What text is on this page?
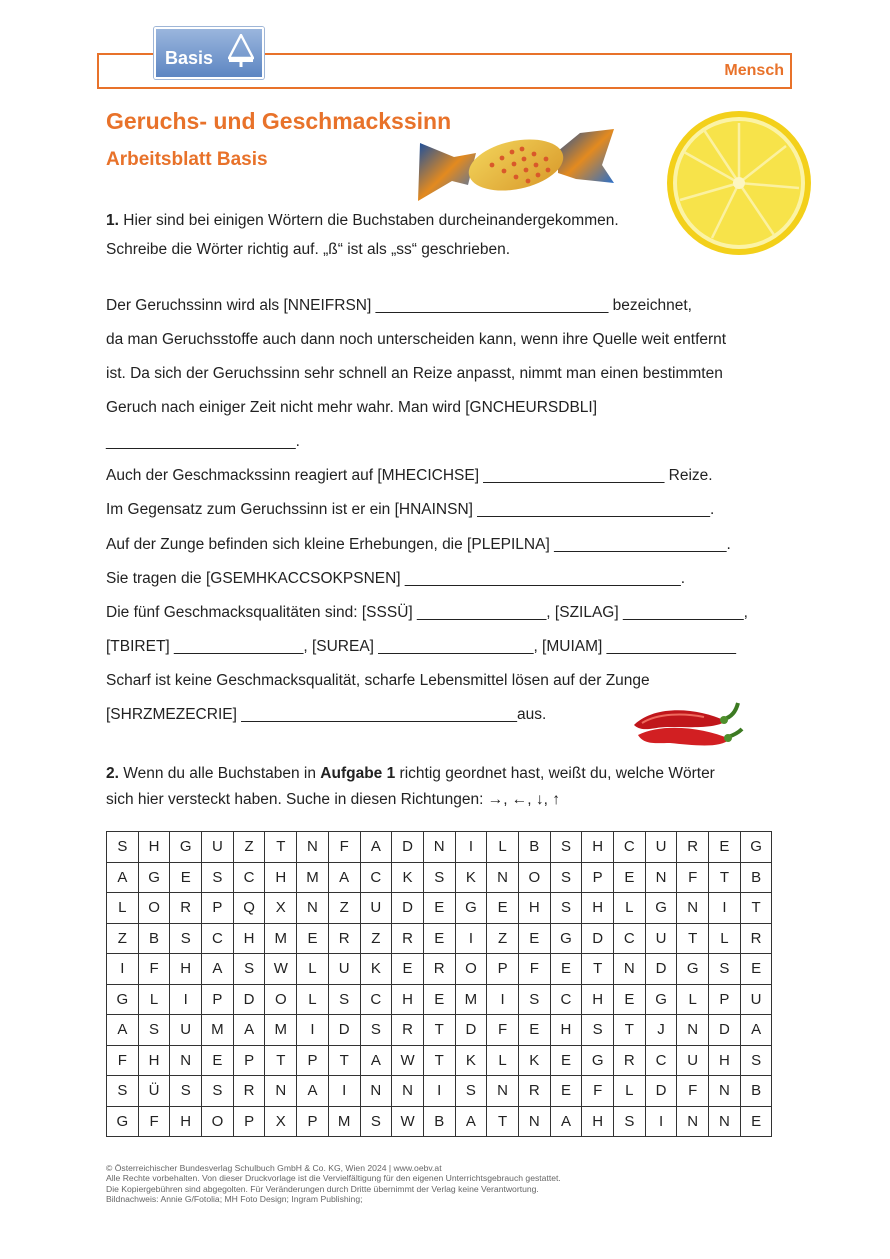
Basis
Mensch
Geruchs- und Geschmackssinn
Arbeitsblatt Basis

1. Hier sind bei einigen Wörtern die Buchstaben durcheinandergekommen.

Schreibe die Wörter richtig auf. „ß“ ist als „ss“ geschrieben.

Der Geruchssinn wird als [NNEIFRSN] ___________________________ bezeichnet,

da man Geruchsstoffe auch dann noch unterscheiden kann, wenn ihre Quelle weit entfernt

ist. Da sich der Geruchssinn sehr schnell an Reize anpasst, nimmt man einen bestimmten

Geruch nach einiger Zeit nicht mehr wahr. Man wird [GNCHEURSDBLI]

______________________.

Auch der Geschmackssinn reagiert auf [MHECICHSE] _____________________ Reize.

Im Gegensatz zum Geruchssinn ist er ein [HNAINSN] ___________________________.

Auf der Zunge befinden sich kleine Erhebungen, die [PLEPILNA] ____________________.

Sie tragen die [GSEMHKACCSOKPSNEN] ________________________________.

Die fünf Geschmacksqualitäten sind: [SSSÜ] _______________, [SZILAG] ______________,

[TBIRET] _______________, [SUREA] __________________, [MUIAM] _______________

Scharf ist keine Geschmacksqualität, scharfe Lebensmittel lösen auf der Zunge

[SHRZMEZECRIE] ________________________________aus.

2. Wenn du alle Buchstaben in Aufgabe 1 richtig geordnet hast, weißt du, welche Wörter

sich hier versteckt haben. Suche in diesen Richtungen: →, ←, ↓, ↑

S	H	G	U	Z	T	N	F	A	D	N	I	L	B	S	H	C	U	R	E	G
A	G	E	S	C	H	M	A	C	K	S	K	N	O	S	P	E	N	F	T	B
L	O	R	P	Q	X	N	Z	U	D	E	G	E	H	S	H	L	G	N	I	T
Z	B	S	C	H	M	E	R	Z	R	E	I	Z	E	G	D	C	U	T	L	R
I	F	H	A	S	W	L	U	K	E	R	O	P	F	E	T	N	D	G	S	E
G	L	I	P	D	O	L	S	C	H	E	M	I	S	C	H	E	G	L	P	U
A	S	U	M	A	M	I	D	S	R	T	D	F	E	H	S	T	J	N	D	A
F	H	N	E	P	T	P	T	A	W	T	K	L	K	E	G	R	C	U	H	S
S	Ü	S	S	R	N	A	I	N	N	I	S	N	R	E	F	L	D	F	N	B
G	F	H	O	P	X	P	M	S	W	B	A	T	N	A	H	S	I	N	N	E
© Österreichischer Bundesverlag Schulbuch GmbH & Co. KG, Wien 2024 | www.oebv.at
Alle Rechte vorbehalten. Von dieser Druckvorlage ist die Vervielfältigung für den eigenen Unterrichtsgebrauch gestattet.
Die Kopiergebühren sind abgegolten. Für Veränderungen durch Dritte übernimmt der Verlag keine Verantwortung.
Bildnachweis: Annie G/Fotolia; MH Foto Design; Ingram Publishing;
